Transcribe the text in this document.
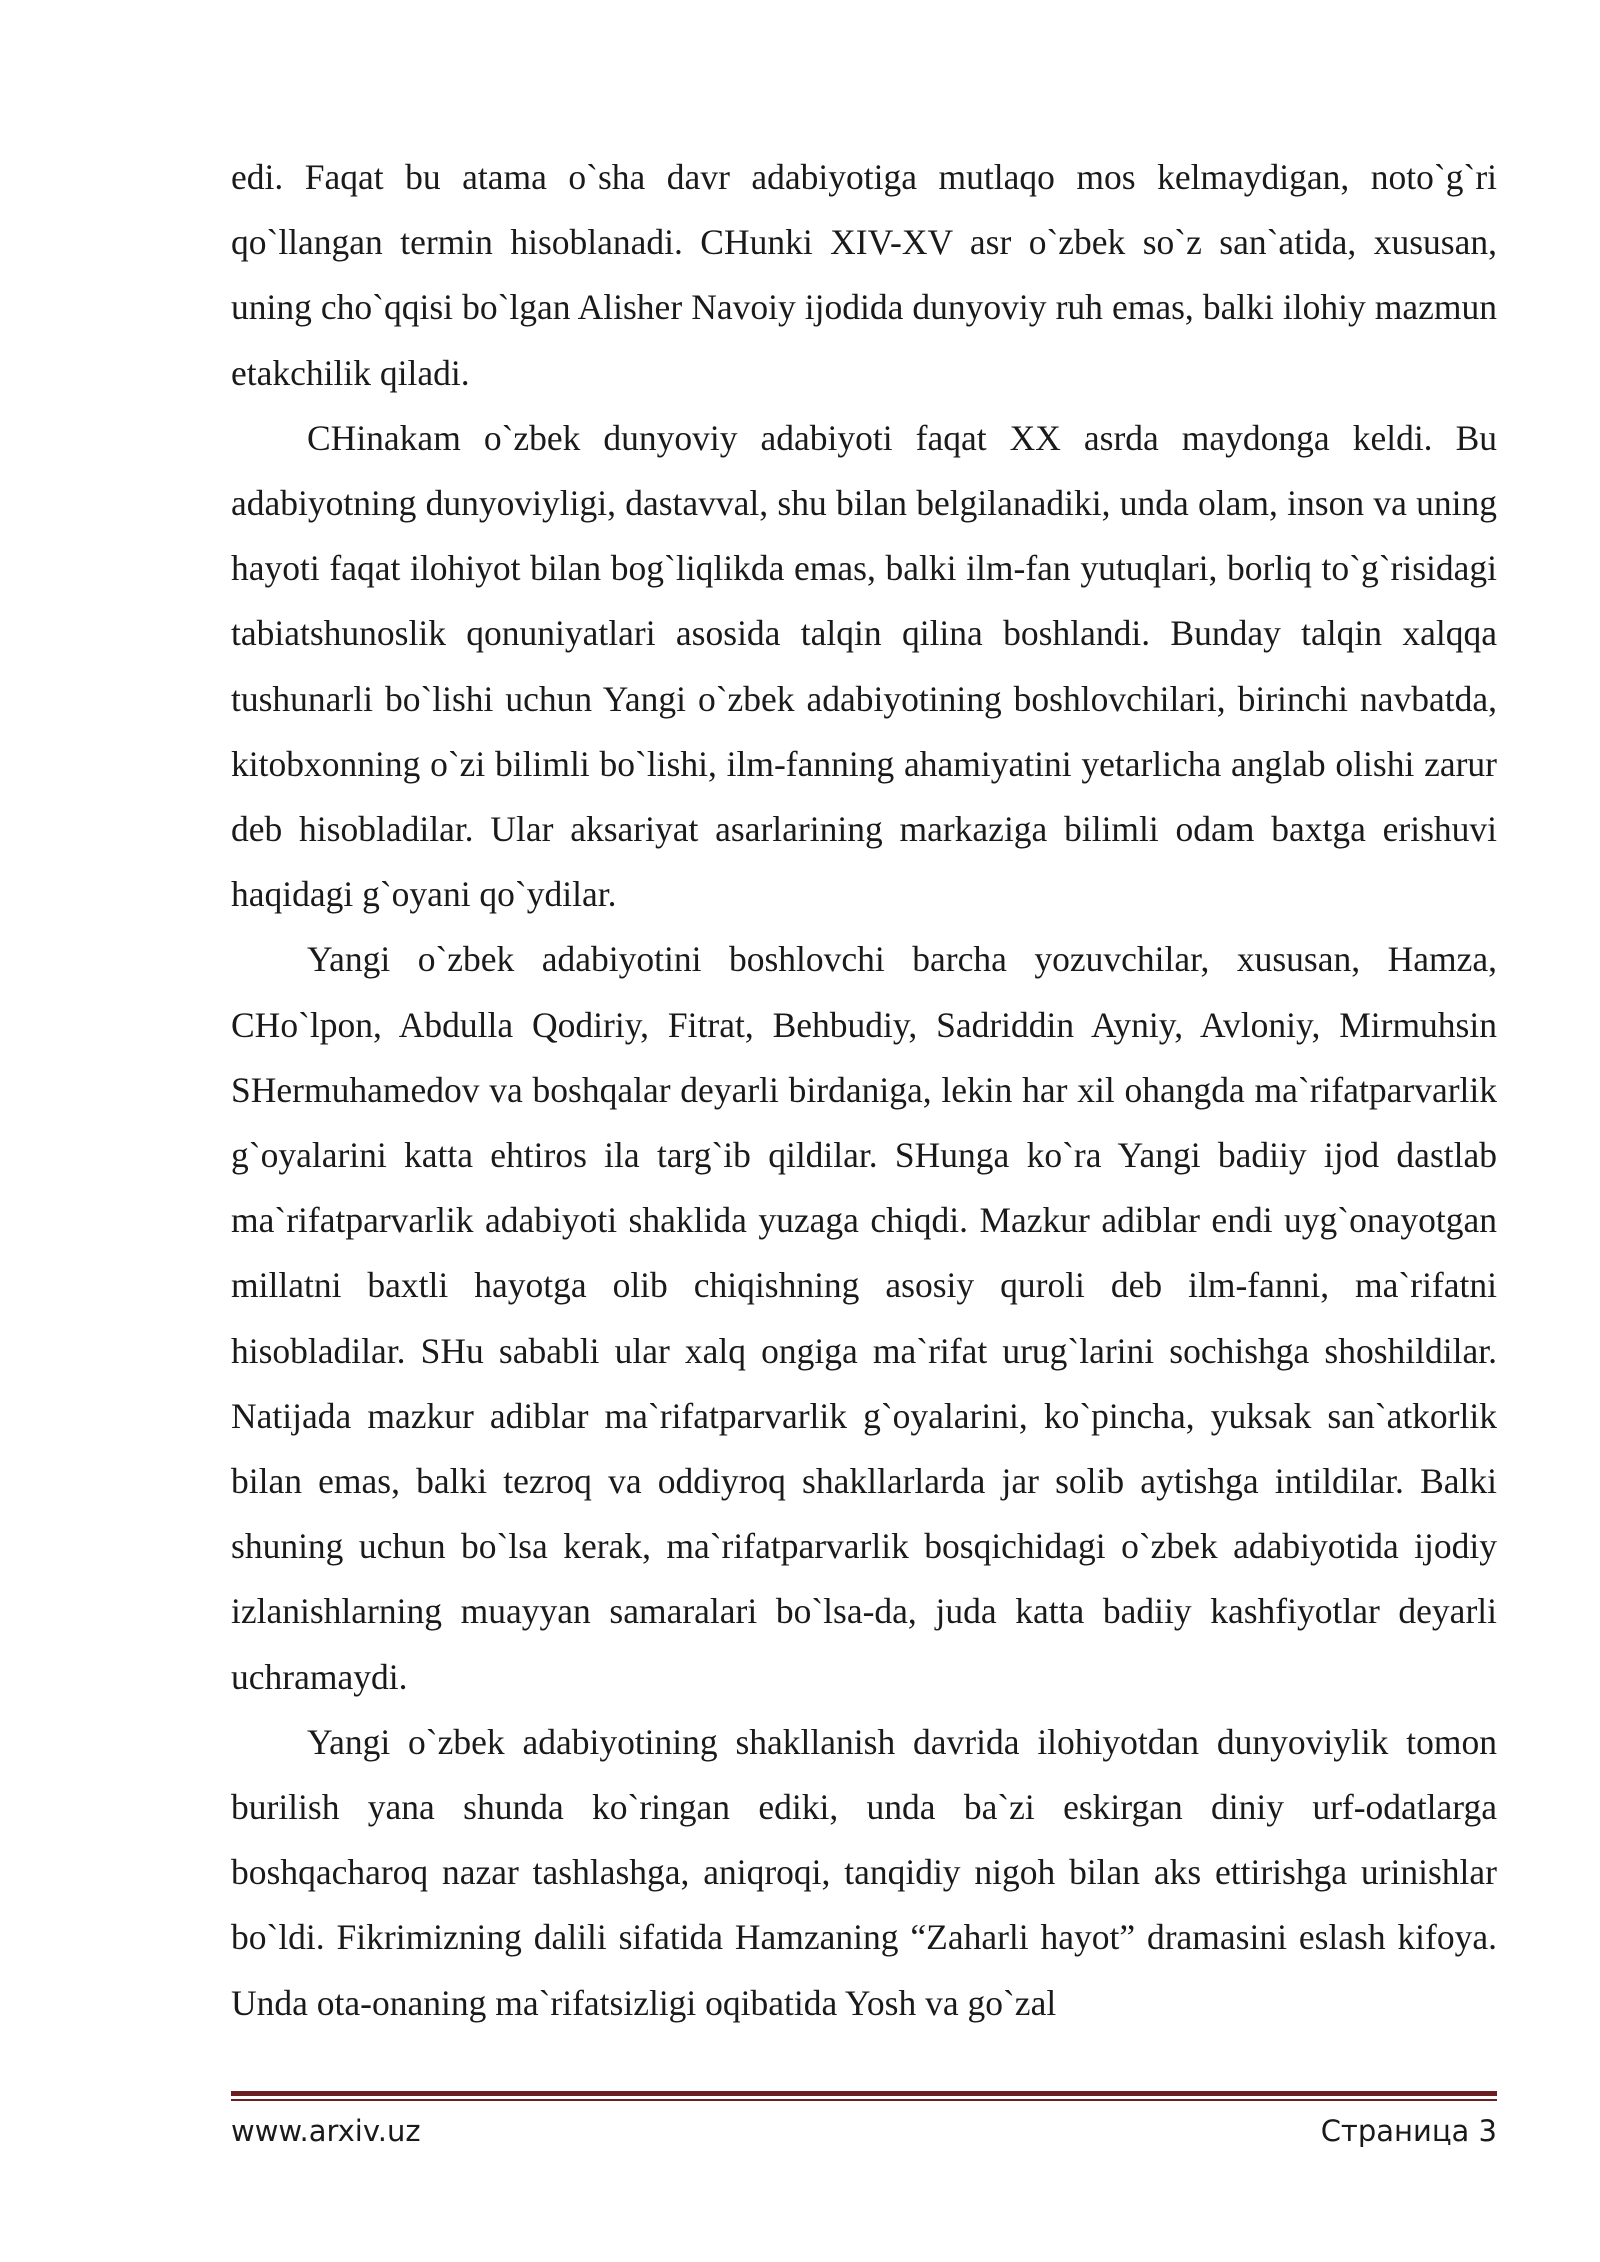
edi. Faqat bu atama o`sha davr adabiyotiga mutlaqo mos kelmaydigan, noto`g`ri qo`llangan termin hisoblanadi. CHunki XIV-XV asr o`zbek so`z san`atida, xususan, uning cho`qqisi bo`lgan Alisher Navoiy ijodida dunyoviy ruh emas, balki ilohiy mazmun etakchilik qiladi.

CHinakam o`zbek dunyoviy adabiyoti faqat XX asrda maydonga keldi. Bu adabiyotning dunyoviyligi, dastavval, shu bilan belgilanadiki, unda olam, inson va uning hayoti faqat ilohiyot bilan bog`liqlikda emas, balki ilm-fan yutuqlari, borliq to`g`risidagi tabiatshunoslik qonuniyatlari asosida talqin qilina boshlandi. Bunday talqin xalqqa tushunarli bo`lishi uchun Yangi o`zbek adabiyotining boshlovchilari, birinchi navbatda, kitobxonning o`zi bilimli bo`lishi, ilm-fanning ahamiyatini yetarlicha anglab olishi zarur deb hisobladilar. Ular aksariyat asarlarining markaziga bilimli odam baxtga erishuvi haqidagi g`oyani qo`ydilar.

Yangi o`zbek adabiyotini boshlovchi barcha yozuvchilar, xususan, Hamza, CHo`lpon, Abdulla Qodiriy, Fitrat, Behbudiy, Sadriddin Ayniy, Avloniy, Mirmuhsin SHermuhamedov va boshqalar deyarli birdaniga, lekin har xil ohangda ma`rifatparvarlik g`oyalarini katta ehtiros ila targ`ib qildilar. SHunga ko`ra Yangi badiiy ijod dastlab ma`rifatparvarlik adabiyoti shaklida yuzaga chiqdi. Mazkur adiblar endi uyg`onayotgan millatni baxtli hayotga olib chiqishning asosiy quroli deb ilm-fanni, ma`rifatni hisobladilar. SHu sababli ular xalq ongiga ma`rifat urug`larini sochishga shoshildilar. Natijada mazkur adiblar ma`rifatparvarlik g`oyalarini, ko`pincha, yuksak san`atkorlik bilan emas, balki tezroq va oddiyroq shakllarlarda jar solib aytishga intildilar. Balki shuning uchun bo`lsa kerak, ma`rifatparvarlik bosqichidagi o`zbek adabiyotida ijodiy izlanishlarning muayyan samaralari bo`lsa-da, juda katta badiiy kashfiyotlar deyarli uchramaydi.

Yangi o`zbek adabiyotining shakllanish davrida ilohiyotdan dunyoviylik tomon burilish yana shunda ko`ringan ediki, unda ba`zi eskirgan diniy urf-odatlarga boshqacharoq nazar tashlashga, aniqroqi, tanqidiy nigoh bilan aks ettirishga urinishlar bo`ldi. Fikrimizning dalili sifatida Hamzaning “Zaharli hayot” dramasini eslash kifoya. Unda ota-onaning ma`rifatsizligi oqibatida Yosh va go`zal

www.arxiv.uz	Страница 3
